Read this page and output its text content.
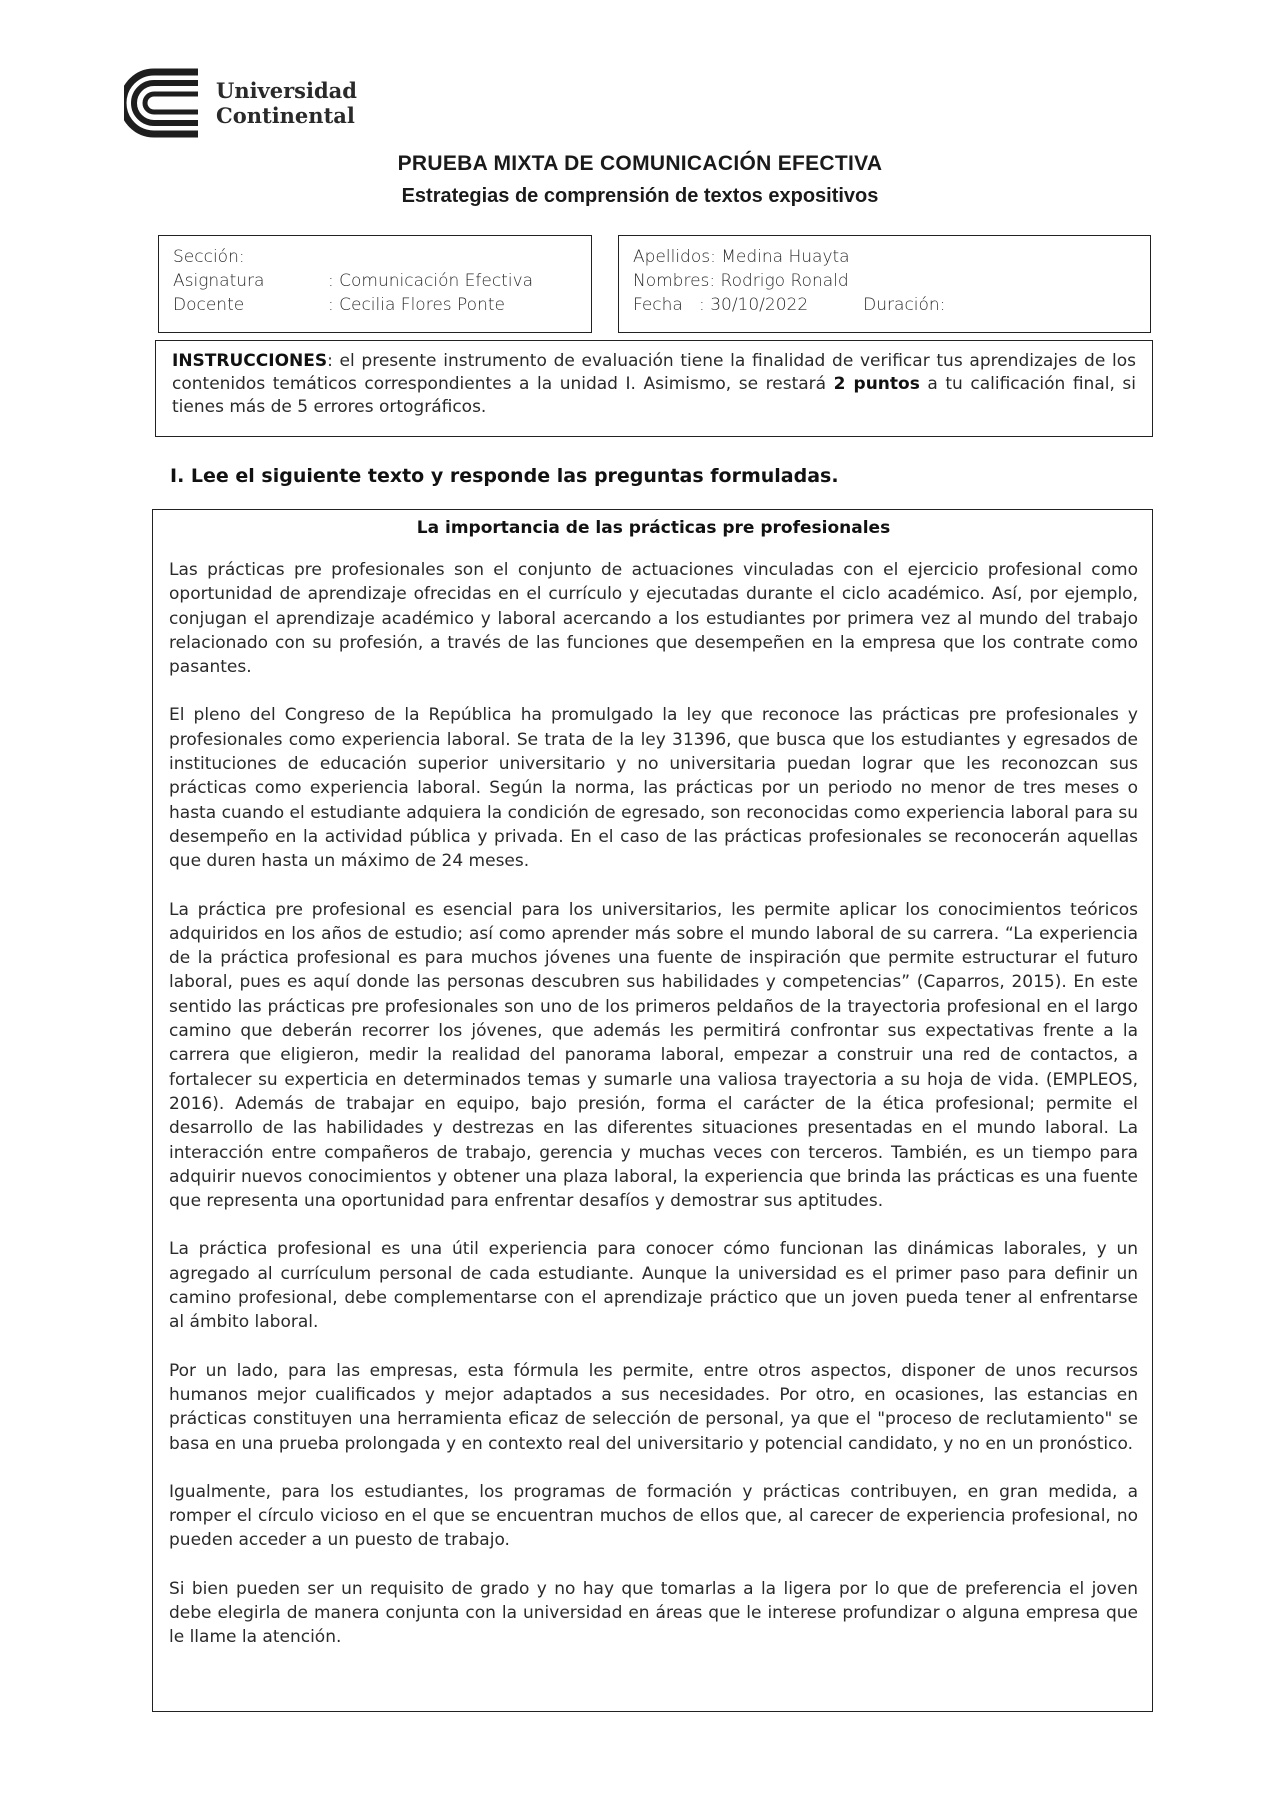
Universidad
Continental
PRUEBA MIXTA DE COMUNICACIÓN EFECTIVA
Estrategias de comprensión de textos expositivos
Sección:
Asignatura	: Comunicación Efectiva
Docente	: Cecilia Flores Ponte
Apellidos: Medina Huayta
Nombres: Rodrigo Ronald
Fecha   : 30/10/2022	Duración:
INSTRUCCIONES: el presente instrumento de evaluación tiene la finalidad de verificar tus aprendizajes de los contenidos temáticos correspondientes a la unidad I. Asimismo, se restará 2 puntos a tu calificación final, si tienes más de 5 errores ortográficos.
I. Lee el siguiente texto y responde las preguntas formuladas.
La importancia de las prácticas pre profesionales

Las prácticas pre profesionales son el conjunto de actuaciones vinculadas con el ejercicio profesional como oportunidad de aprendizaje ofrecidas en el currículo y ejecutadas durante el ciclo académico. Así, por ejemplo, conjugan el aprendizaje académico y laboral acercando a los estudiantes por primera vez al mundo del trabajo relacionado con su profesión, a través de las funciones que desempeñen en la empresa que los contrate como pasantes.

El pleno del Congreso de la República ha promulgado la ley que reconoce las prácticas pre profesionales y profesionales como experiencia laboral. Se trata de la ley 31396, que busca que los estudiantes y egresados de instituciones de educación superior universitario y no universitaria puedan lograr que les reconozcan sus prácticas como experiencia laboral. Según la norma, las prácticas por un periodo no menor de tres meses o hasta cuando el estudiante adquiera la condición de egresado, son reconocidas como experiencia laboral para su desempeño en la actividad pública y privada. En el caso de las prácticas profesionales se reconocerán aquellas que duren hasta un máximo de 24 meses.

La práctica pre profesional es esencial para los universitarios, les permite aplicar los conocimientos teóricos adquiridos en los años de estudio; así como aprender más sobre el mundo laboral de su carrera. “La experiencia de la práctica profesional es para muchos jóvenes una fuente de inspiración que permite estructurar el futuro laboral, pues es aquí donde las personas descubren sus habilidades y competencias” (Caparros, 2015). En este sentido las prácticas pre profesionales son uno de los primeros peldaños de la trayectoria profesional en el largo camino que deberán recorrer los jóvenes, que además les permitirá confrontar sus expectativas frente a la carrera que eligieron, medir la realidad del panorama laboral, empezar a construir una red de contactos, a fortalecer su experticia en determinados temas y sumarle una valiosa trayectoria a su hoja de vida. (EMPLEOS, 2016). Además de trabajar en equipo, bajo presión, forma el carácter de la ética profesional; permite el desarrollo de las habilidades y destrezas en las diferentes situaciones presentadas en el mundo laboral. La interacción entre compañeros de trabajo, gerencia y muchas veces con terceros. También, es un tiempo para adquirir nuevos conocimientos y obtener una plaza laboral, la experiencia que brinda las prácticas es una fuente que representa una oportunidad para enfrentar desafíos y demostrar sus aptitudes.

La práctica profesional es una útil experiencia para conocer cómo funcionan las dinámicas laborales, y un agregado al currículum personal de cada estudiante. Aunque la universidad es el primer paso para definir un camino profesional, debe complementarse con el aprendizaje práctico que un joven pueda tener al enfrentarse al ámbito laboral.

Por un lado, para las empresas, esta fórmula les permite, entre otros aspectos, disponer de unos recursos humanos mejor cualificados y mejor adaptados a sus necesidades. Por otro, en ocasiones, las estancias en prácticas constituyen una herramienta eficaz de selección de personal, ya que el "proceso de reclutamiento" se basa en una prueba prolongada y en contexto real del universitario y potencial candidato, y no en un pronóstico.

Igualmente, para los estudiantes, los programas de formación y prácticas contribuyen, en gran medida, a romper el círculo vicioso en el que se encuentran muchos de ellos que, al carecer de experiencia profesional, no pueden acceder a un puesto de trabajo.

Si bien pueden ser un requisito de grado y no hay que tomarlas a la ligera por lo que de preferencia el joven debe elegirla de manera conjunta con la universidad en áreas que le interese profundizar o alguna empresa que le llame la atención.
